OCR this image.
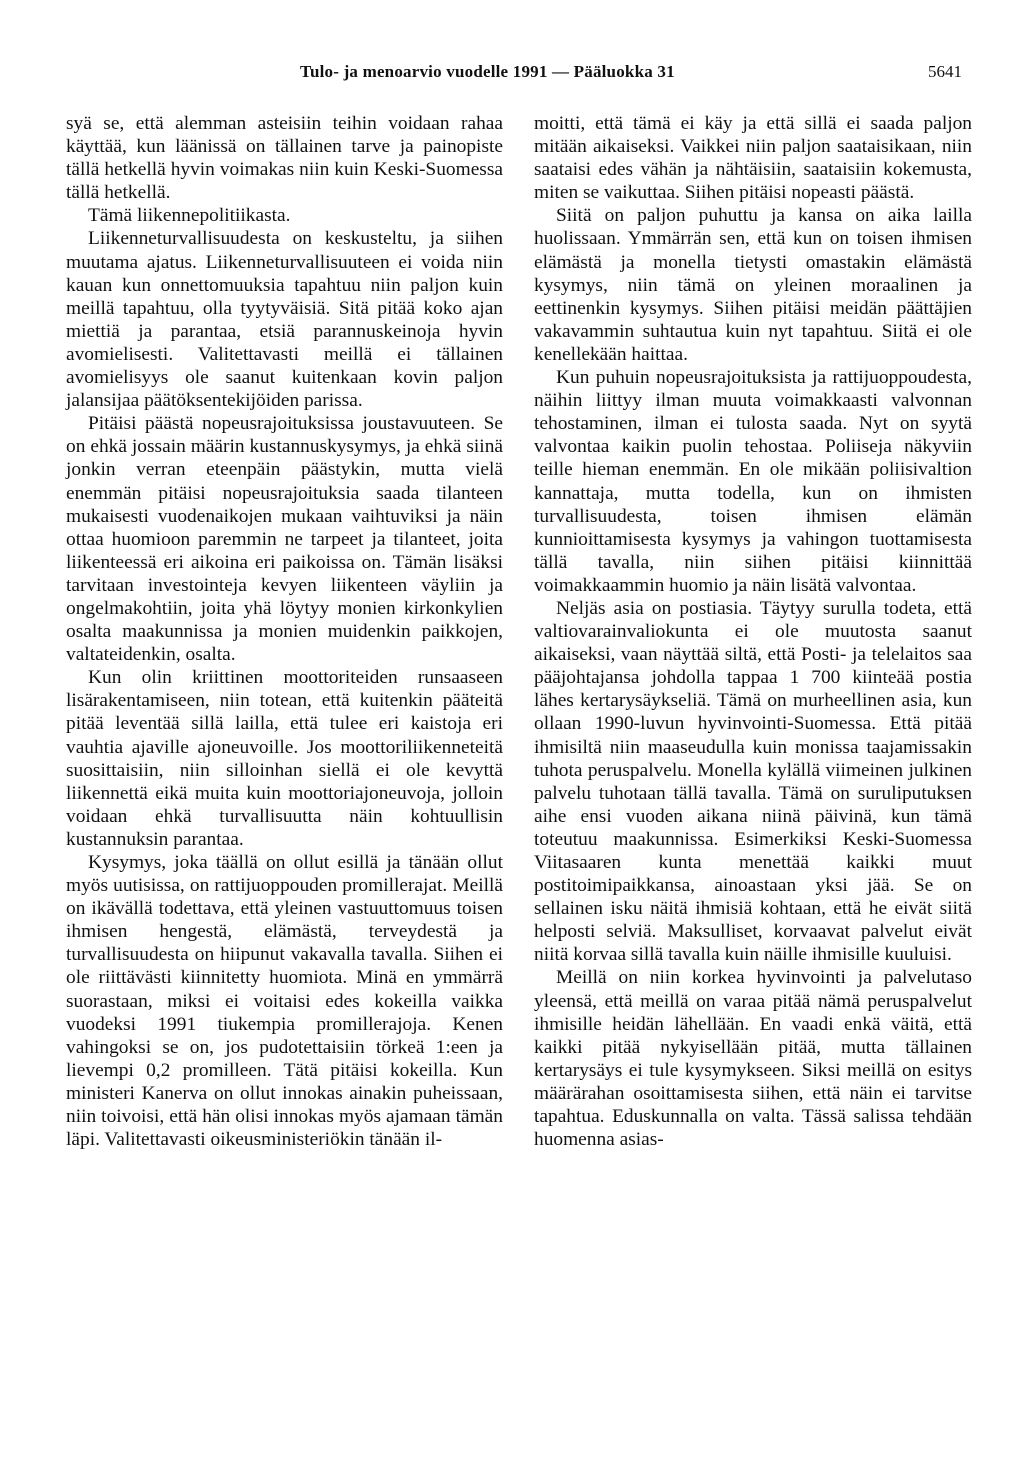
Tulo- ja menoarvio vuodelle 1991 — Pääluokka 31	5641

syä se, että alemman asteisiin teihin voidaan rahaa käyttää, kun läänissä on tällainen tarve ja painopiste tällä hetkellä hyvin voimakas niin kuin Keski-Suomessa tällä hetkellä.

Tämä liikennepolitiikasta.

Liikenneturvallisuudesta on keskusteltu, ja siihen muutama ajatus. Liikenneturvallisuuteen ei voida niin kauan kun onnettomuuksia tapahtuu niin paljon kuin meillä tapahtuu, olla tyytyväisiä. Sitä pitää koko ajan miettiä ja parantaa, etsiä parannuskeinoja hyvin avomielisesti. Valitettavasti meillä ei tällainen avomielisyys ole saanut kuitenkaan kovin paljon jalansijaa päätöksentekijöiden parissa.

Pitäisi päästä nopeusrajoituksissa joustavuuteen. Se on ehkä jossain määrin kustannuskysymys, ja ehkä siinä jonkin verran eteenpäin päästykin, mutta vielä enemmän pitäisi nopeusrajoituksia saada tilanteen mukaisesti vuodenaikojen mukaan vaihtuviksi ja näin ottaa huomioon paremmin ne tarpeet ja tilanteet, joita liikenteessä eri aikoina eri paikoissa on. Tämän lisäksi tarvitaan investointeja kevyen liikenteen väyliin ja ongelmakohtiin, joita yhä löytyy monien kirkonkylien osalta maakunnissa ja monien muidenkin paikkojen, valtateidenkin, osalta.

Kun olin kriittinen moottoriteiden runsaaseen lisärakentamiseen, niin totean, että kuitenkin pääteitä pitää leventää sillä lailla, että tulee eri kaistoja eri vauhtia ajaville ajoneuvoille. Jos moottoriliikenneteitä suosittaisiin, niin silloinhan siellä ei ole kevyttä liikennettä eikä muita kuin moottoriajoneuvoja, jolloin voidaan ehkä turvallisuutta näin kohtuullisin kustannuksin parantaa.

Kysymys, joka täällä on ollut esillä ja tänään ollut myös uutisissa, on rattijuoppouden promillerajat. Meillä on ikävällä todettava, että yleinen vastuuttomuus toisen ihmisen hengestä, elämästä, terveydestä ja turvallisuudesta on hiipunut vakavalla tavalla. Siihen ei ole riittävästi kiinnitetty huomiota. Minä en ymmärrä suorastaan, miksi ei voitaisi edes kokeilla vaikka vuodeksi 1991 tiukempia promillerajoja. Kenen vahingoksi se on, jos pudotettaisiin törkeä 1:een ja lievempi 0,2 promilleen. Tätä pitäisi kokeilla. Kun ministeri Kanerva on ollut innokas ainakin puheissaan, niin toivoisi, että hän olisi innokas myös ajamaan tämän läpi. Valitettavasti oikeusministeriökin tänään il-

moitti, että tämä ei käy ja että sillä ei saada paljon mitään aikaiseksi. Vaikkei niin paljon saataisikaan, niin saataisi edes vähän ja nähtäisiin, saataisiin kokemusta, miten se vaikuttaa. Siihen pitäisi nopeasti päästä.

Siitä on paljon puhuttu ja kansa on aika lailla huolissaan. Ymmärrän sen, että kun on toisen ihmisen elämästä ja monella tietysti omastakin elämästä kysymys, niin tämä on yleinen moraalinen ja eettinenkin kysymys. Siihen pitäisi meidän päättäjien vakavammin suhtautua kuin nyt tapahtuu. Siitä ei ole kenellekään haittaa.

Kun puhuin nopeusrajoituksista ja rattijuoppoudesta, näihin liittyy ilman muuta voimakkaasti valvonnan tehostaminen, ilman ei tulosta saada. Nyt on syytä valvontaa kaikin puolin tehostaa. Poliiseja näkyviin teille hieman enemmän. En ole mikään poliisivaltion kannattaja, mutta todella, kun on ihmisten turvallisuudesta, toisen ihmisen elämän kunnioittamisesta kysymys ja vahingon tuottamisesta tällä tavalla, niin siihen pitäisi kiinnittää voimakkaammin huomio ja näin lisätä valvontaa.

Neljäs asia on postiasia. Täytyy surulla todeta, että valtiovarainvaliokunta ei ole muutosta saanut aikaiseksi, vaan näyttää siltä, että Posti- ja telelaitos saa pääjohtajansa johdolla tappaa 1 700 kiinteää postia lähes kertarysäykseliä. Tämä on murheellinen asia, kun ollaan 1990-luvun hyvinvointi-Suomessa. Että pitää ihmisiltä niin maaseudulla kuin monissa taajamissakin tuhota peruspalvelu. Monella kylällä viimeinen julkinen palvelu tuhotaan tällä tavalla. Tämä on suruliputuksen aihe ensi vuoden aikana niinä päivinä, kun tämä toteutuu maakunnissa. Esimerkiksi Keski-Suomessa Viitasaaren kunta menettää kaikki muut postitoimipaikkansa, ainoastaan yksi jää. Se on sellainen isku näitä ihmisiä kohtaan, että he eivät siitä helposti selviä. Maksulliset, korvaavat palvelut eivät niitä korvaa sillä tavalla kuin näille ihmisille kuuluisi.

Meillä on niin korkea hyvinvointi ja palvelutaso yleensä, että meillä on varaa pitää nämä peruspalvelut ihmisille heidän lähellään. En vaadi enkä väitä, että kaikki pitää nykyisellään pitää, mutta tällainen kertarysäys ei tule kysymykseen. Siksi meillä on esitys määrärahan osoittamisesta siihen, että näin ei tarvitse tapahtua. Eduskunnalla on valta. Tässä salissa tehdään huomenna asias-
